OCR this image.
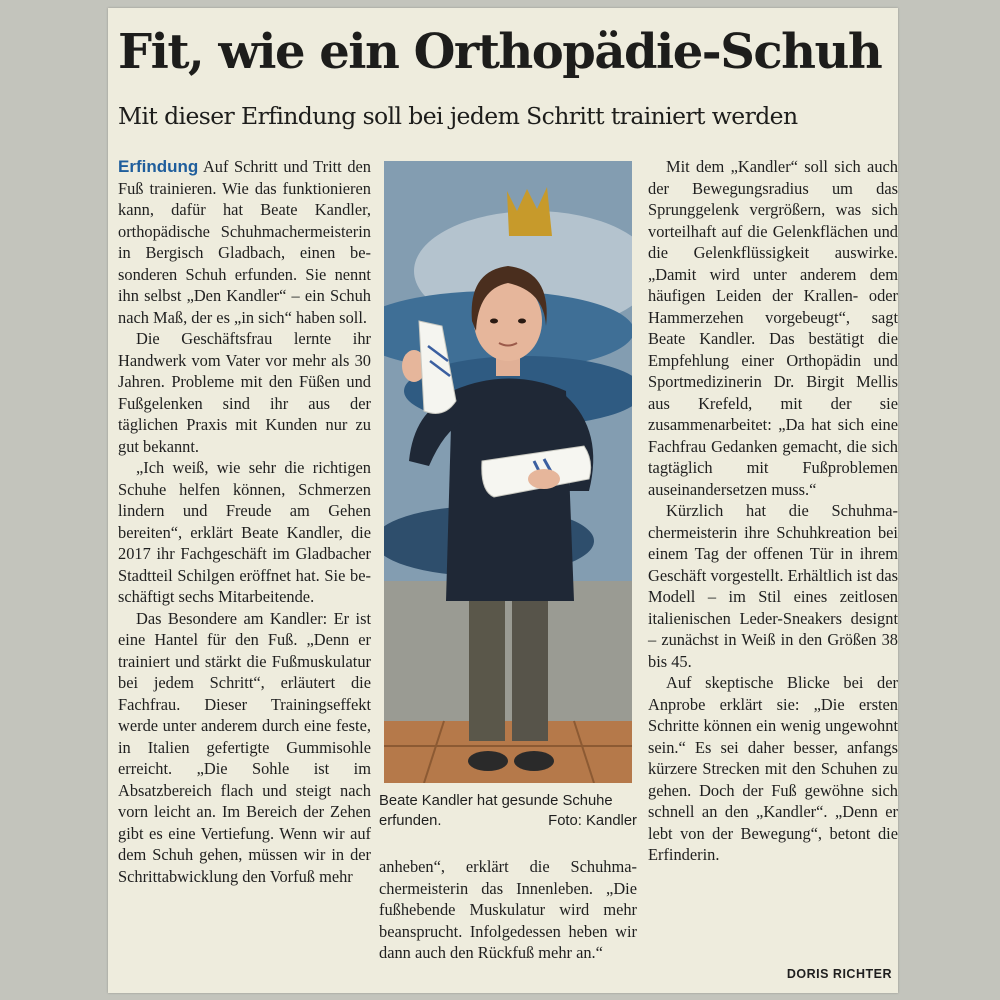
Fit, wie ein Orthopädie-Schuh
Mit dieser Erfindung soll bei jedem Schritt trainiert werden

Erfindung Auf Schritt und Tritt den Fuß trainieren. Wie das funktionieren kann, dafür hat Beate Kandler, orthopädische Schuhmachermeisterin in Bergisch Gladbach, einen besonderen Schuh erfunden. Sie nennt ihn selbst „Den Kandler“ – ein Schuh nach Maß, der es „in sich“ haben soll.

Die Geschäftsfrau lernte ihr Handwerk vom Vater vor mehr als 30 Jahren. Probleme mit den Füßen und Fußgelenken sind ihr aus der täglichen Praxis mit Kunden nur zu gut bekannt.

„Ich weiß, wie sehr die richtigen Schuhe helfen können, Schmerzen lindern und Freude am Gehen bereiten“, erklärt Beate Kandler, die 2017 ihr Fachgeschäft im Gladbacher Stadtteil Schilgen eröffnet hat. Sie beschäftigt sechs Mitarbeitende.

Das Besondere am Kandler: Er ist eine Hantel für den Fuß. „Denn er trainiert und stärkt die Fußmuskulatur bei jedem Schritt“, erläutert die Fachfrau. Dieser Trainingseffekt werde unter anderem durch eine feste, in Italien gefertigte Gummisohle erreicht. „Die Sohle ist im Absatzbereich flach und steigt nach vorn leicht an. Im Bereich der Zehen gibt es eine Vertiefung. Wenn wir auf dem Schuh gehen, müssen wir in der Schrittabwicklung den Vorfuß mehr

Beate Kandler hat gesunde Schuhe erfunden.	Foto: Kandler

anheben“, erklärt die Schuhmachermeisterin das Innenleben. „Die fußhebende Muskulatur wird mehr beansprucht. Infolgedessen heben wir dann auch den Rückfuß mehr an.“

Mit dem „Kandler“ soll sich auch der Bewegungsradius um das Sprunggelenk vergrößern, was sich vorteilhaft auf die Gelenkflächen und die Gelenkflüssigkeit auswirke. „Damit wird unter anderem dem häufigen Leiden der Krallen- oder Hammerzehen vorgebeugt“, sagt Beate Kandler. Das bestätigt die Empfehlung einer Orthopädin und Sportmedizinerin Dr. Birgit Mellis aus Krefeld, mit der sie zusammenarbeitet: „Da hat sich eine Fachfrau Gedanken gemacht, die sich tagtäglich mit Fußproblemen auseinandersetzen muss.“

Kürzlich hat die Schuhmachermeisterin ihre Schuhkreation bei einem Tag der offenen Tür in ihrem Geschäft vorgestellt. Erhältlich ist das Modell – im Stil eines zeitlosen italienischen Leder-Sneakers designt – zunächst in Weiß in den Größen 38 bis 45.

Auf skeptische Blicke bei der Anprobe erklärt sie: „Die ersten Schritte können ein wenig ungewohnt sein.“ Es sei daher besser, anfangs kürzere Strecken mit den Schuhen zu gehen. Doch der Fuß gewöhne sich schnell an den „Kandler“. „Denn er lebt von der Bewegung“, betont die Erfinderin.

DORIS RICHTER
